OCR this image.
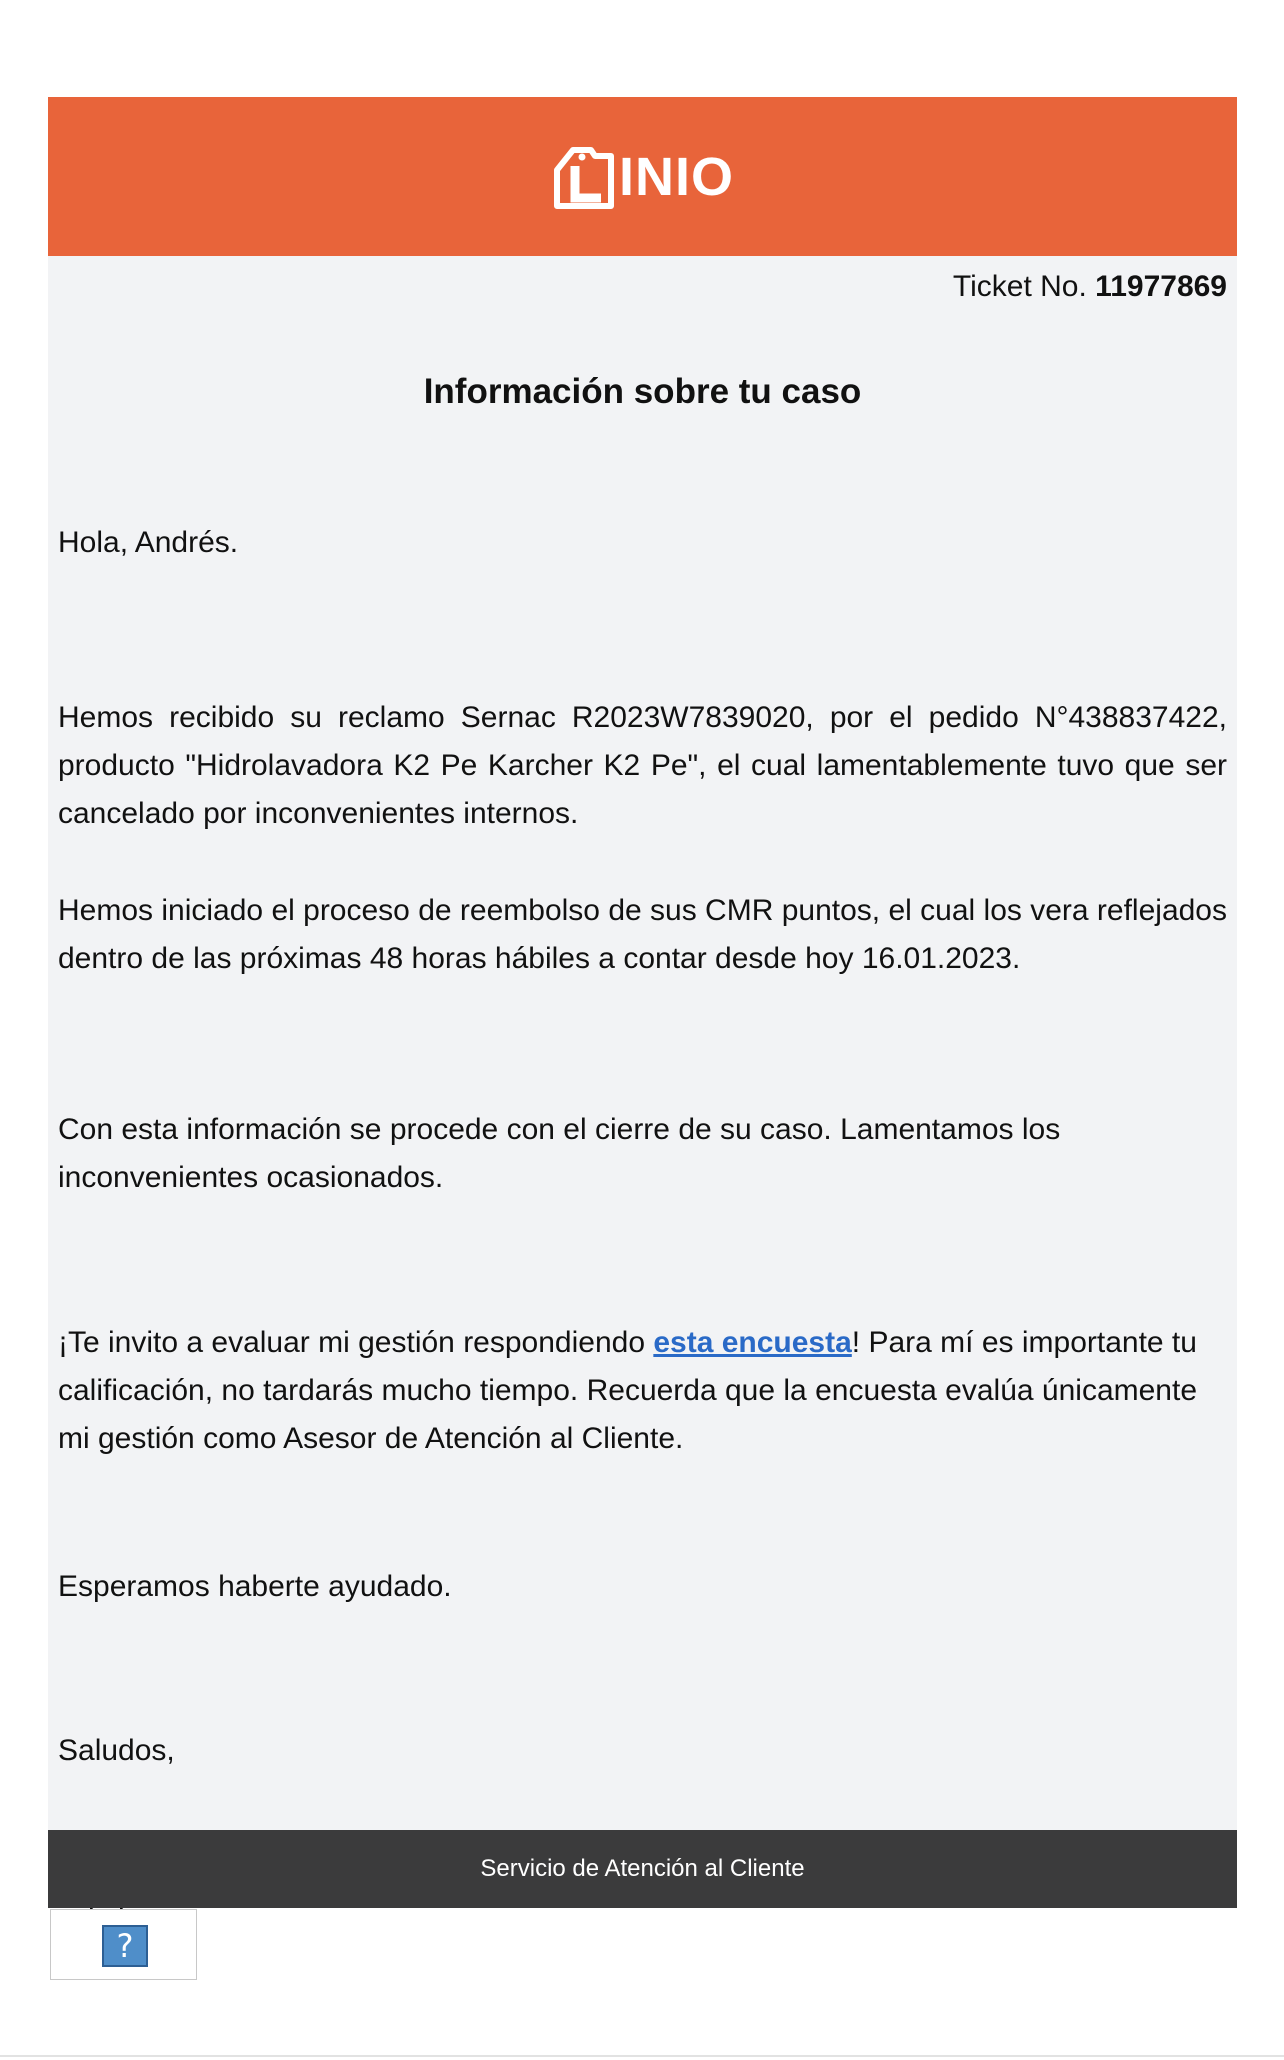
INIO
Ticket No. 11977869
Información sobre tu caso
Hola, Andrés.
Hemos recibido su reclamo Sernac R2023W7839020, por el pedido N°438837422, producto "Hidrolavadora K2 Pe Karcher K2 Pe", el cual lamentablemente tuvo que ser cancelado por inconvenientes internos.
Hemos iniciado el proceso de reembolso de sus CMR puntos, el cual los vera reflejados dentro de las próximas 48 horas hábiles a contar desde hoy 16.01.2023.
Con esta información se procede con el cierre de su caso. Lamentamos los inconvenientes ocasionados.
¡Te invito a evaluar mi gestión respondiendo esta encuesta! Para mí es importante tu calificación, no tardarás mucho tiempo. Recuerda que la encuesta evalúa únicamente mi gestión como Asesor de Atención al Cliente.
Esperamos haberte ayudado.
Saludos,
Servicio de Atención al Cliente
?
